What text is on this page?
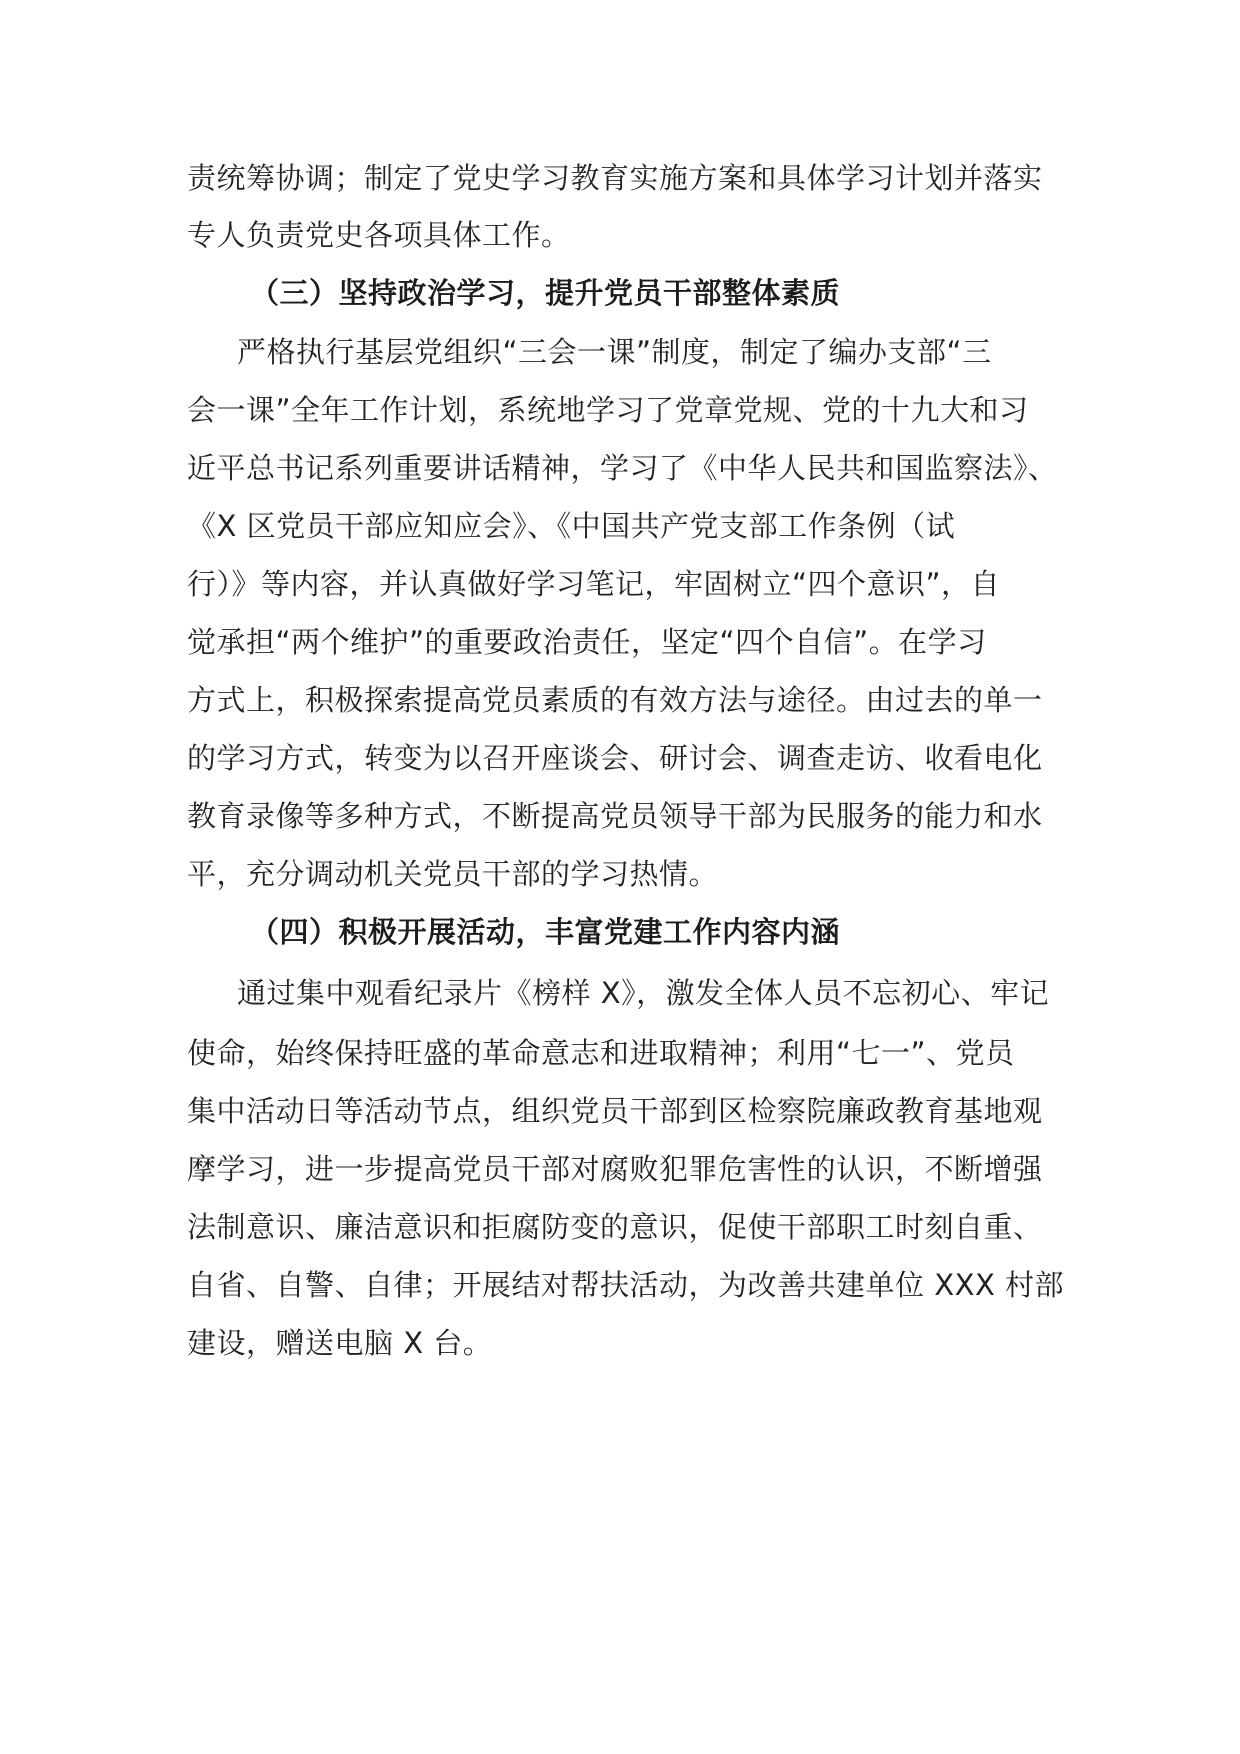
责统筹协调；制定了党史学习教育实施方案和具体学习计划并落实
专人负责党史各项具体工作。
（三）坚持政治学习，提升党员干部整体素质
严格执行基层党组织“三会一课”制度，制定了编办支部“三
会一课”全年工作计划，系统地学习了党章党规、党的十九大和习
近平总书记系列重要讲话精神，学习了《中华人民共和国监察法》、
《X 区党员干部应知应会》、《中国共产党支部工作条例（试
行）》等内容，并认真做好学习笔记，牢固树立“四个意识”，自
觉承担“两个维护”的重要政治责任，坚定“四个自信”。在学习
方式上，积极探索提高党员素质的有效方法与途径。由过去的单一
的学习方式，转变为以召开座谈会、研讨会、调查走访、收看电化
教育录像等多种方式，不断提高党员领导干部为民服务的能力和水
平，充分调动机关党员干部的学习热情。
（四）积极开展活动，丰富党建工作内容内涵
通过集中观看纪录片《榜样 X》，激发全体人员不忘初心、牢记
使命，始终保持旺盛的革命意志和进取精神；利用“七一”、党员
集中活动日等活动节点，组织党员干部到区检察院廉政教育基地观
摩学习，进一步提高党员干部对腐败犯罪危害性的认识，不断增强
法制意识、廉洁意识和拒腐防变的意识，促使干部职工时刻自重、
自省、自警、自律；开展结对帮扶活动，为改善共建单位 XXX 村部
建设，赠送电脑 X 台。
